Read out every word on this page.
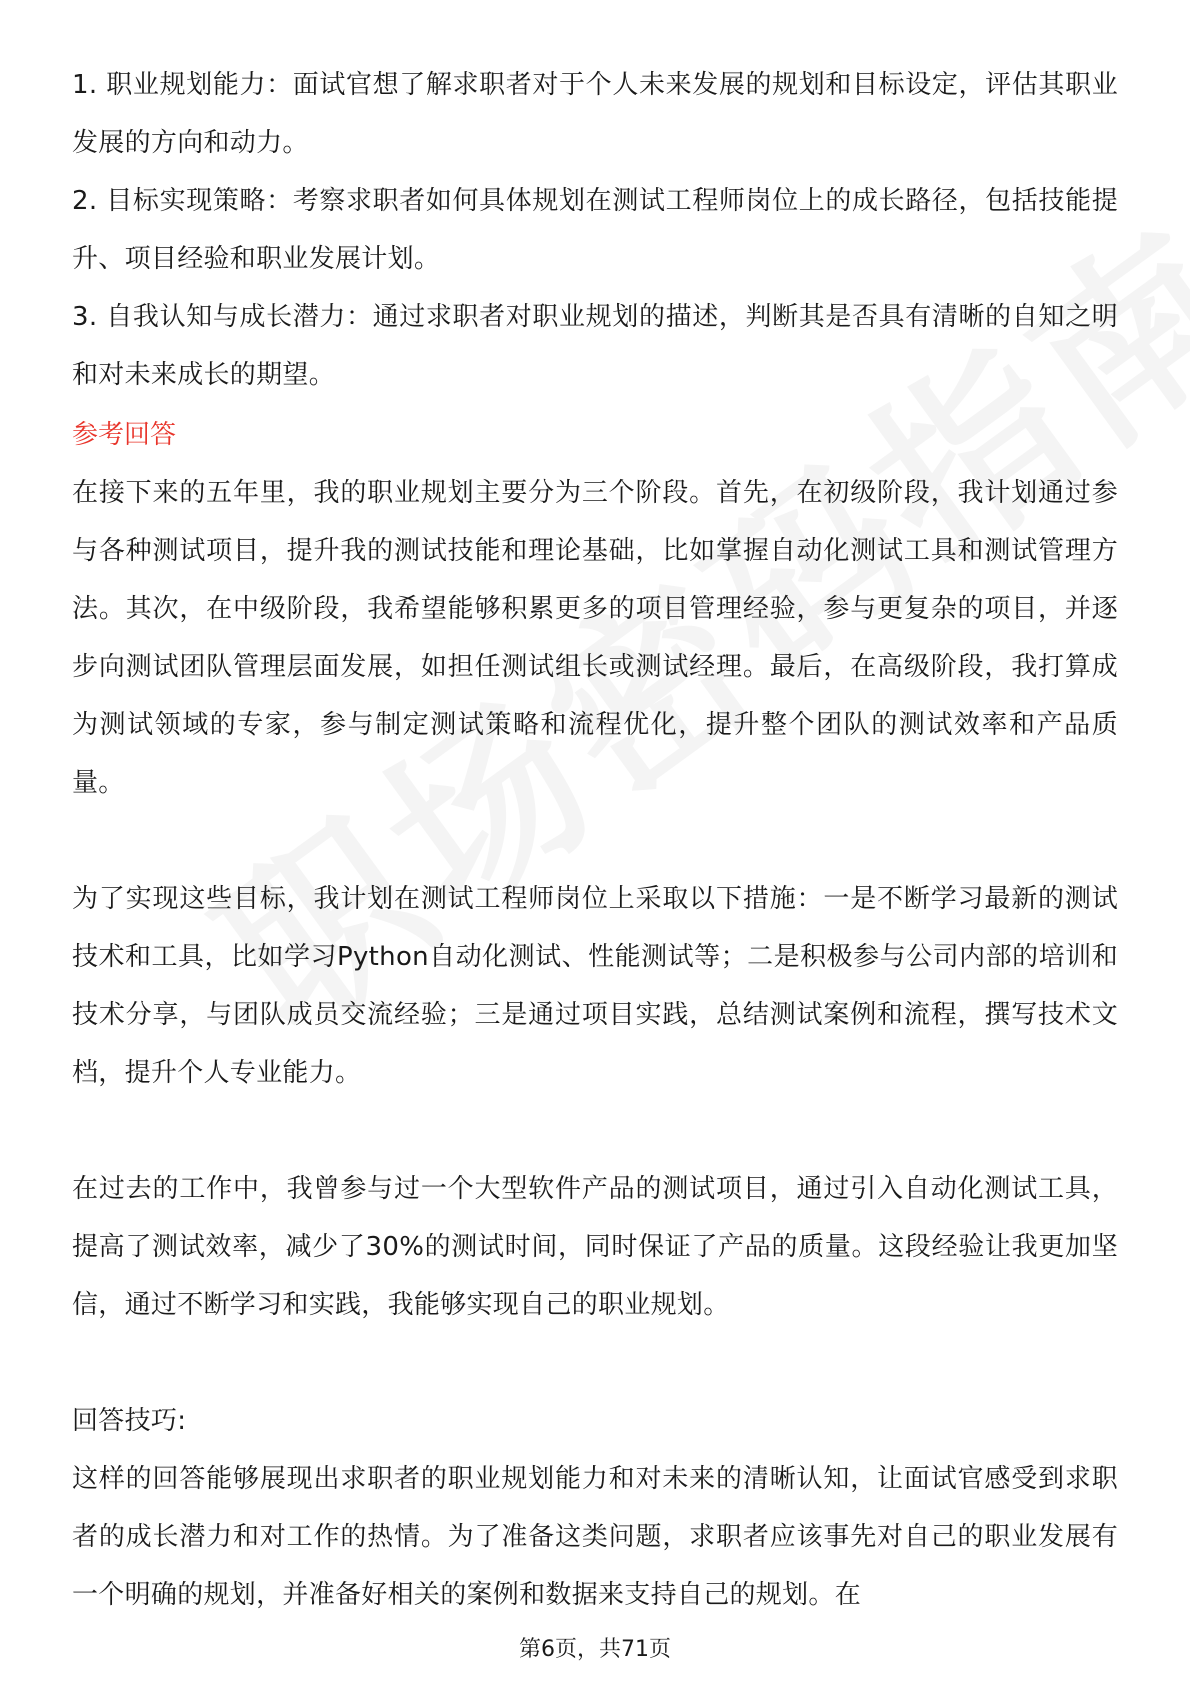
1. 职业规划能力：面试官想了解求职者对于个人未来发展的规划和目标设定，评估其职业发展的方向和动力。

2. 目标实现策略：考察求职者如何具体规划在测试工程师岗位上的成长路径，包括技能提升、项目经验和职业发展计划。

3. 自我认知与成长潜力：通过求职者对职业规划的描述，判断其是否具有清晰的自知之明和对未来成长的期望。

参考回答

在接下来的五年里，我的职业规划主要分为三个阶段。首先，在初级阶段，我计划通过参与各种测试项目，提升我的测试技能和理论基础，比如掌握自动化测试工具和测试管理方法。其次，在中级阶段，我希望能够积累更多的项目管理经验，参与更复杂的项目，并逐步向测试团队管理层面发展，如担任测试组长或测试经理。最后，在高级阶段，我打算成为测试领域的专家，参与制定测试策略和流程优化，提升整个团队的测试效率和产品质量。

为了实现这些目标，我计划在测试工程师岗位上采取以下措施：一是不断学习最新的测试技术和工具，比如学习Python自动化测试、性能测试等；二是积极参与公司内部的培训和技术分享，与团队成员交流经验；三是通过项目实践，总结测试案例和流程，撰写技术文档，提升个人专业能力。

在过去的工作中，我曾参与过一个大型软件产品的测试项目，通过引入自动化测试工具，提高了测试效率，减少了30%的测试时间，同时保证了产品的质量。这段经验让我更加坚信，通过不断学习和实践，我能够实现自己的职业规划。

回答技巧:

这样的回答能够展现出求职者的职业规划能力和对未来的清晰认知，让面试官感受到求职者的成长潜力和对工作的热情。为了准备这类问题，求职者应该事先对自己的职业发展有一个明确的规划，并准备好相关的案例和数据来支持自己的规划。在

第6页，共71页
